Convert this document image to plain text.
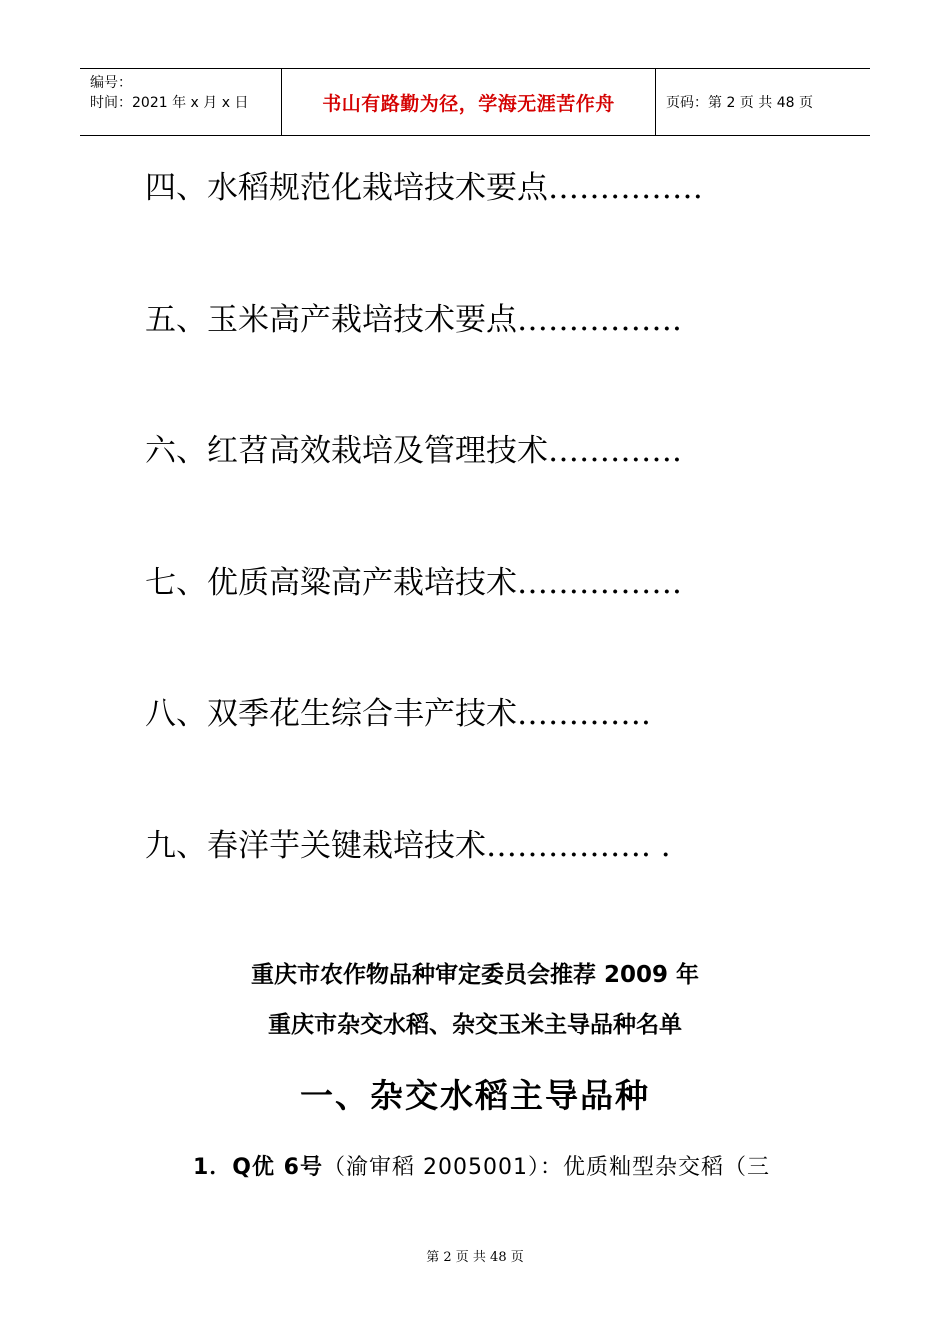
编号：
时间：2021 年 x 月 x 日	书山有路勤为径，学海无涯苦作舟	页码：第 2 页 共 48 页
四、水稻规范化栽培技术要点……………
五、玉米高产栽培技术要点…………….
六、红苕高效栽培及管理技术………….
七、优质高粱高产栽培技术…………….
八、双季花生综合丰产技术………….
九、春洋芋关键栽培技术……………. .
重庆市农作物品种审定委员会推荐 2009 年
重庆市杂交水稻、杂交玉米主导品种名单
一、杂交水稻主导品种
1．Q优 6号（渝审稻 2005001）：优质籼型杂交稻（三
第 2 页 共 48 页
